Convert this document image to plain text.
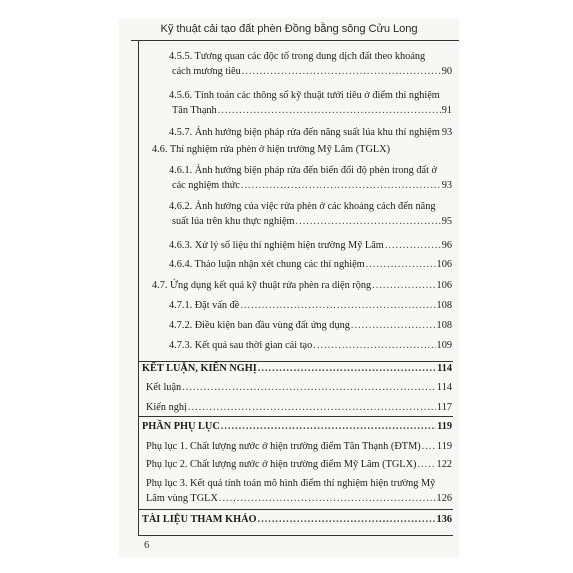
Kỹ thuật cải tạo đất phèn Đồng bằng sông Cửu Long
4.5.5. Tương quan các độc tố trong dung dịch đất theo khoảng
cách mương tiêu .....	90
4.5.6. Tính toán các thông số kỹ thuật tưới tiêu ở điểm thí nghiệm
Tân Thạnh .....	91
4.5.7. Ảnh hưởng biện pháp rửa đến năng suất lúa khu thí nghiệm 93
4.6. Thí nghiệm rửa phèn ở hiện trường Mỹ Lâm (TGLX)
4.6.1. Ảnh hưởng biện pháp rửa đến biến đổi độ phèn trong đất ở
các nghiệm thức .....	93
4.6.2. Ảnh hưởng của việc rửa phèn ở các khoảng cách đến năng
suất lúa trên khu thực nghiệm .....	95
4.6.3. Xử lý số liệu thí nghiệm hiện trường Mỹ Lâm .....	96
4.6.4. Thảo luận nhận xét chung các thí nghiệm .....	106
4.7. Ứng dụng kết quả kỹ thuật rửa phèn ra diện rộng .....	106
4.7.1. Đặt vấn đề .....	108
4.7.2. Điều kiện ban đầu vùng đất ứng dụng .....	108
4.7.3. Kết quả sau thời gian cải tạo .....	109
KẾT LUẬN, KIẾN NGHỊ .....	114
Kết luận .....	114
Kiến nghị .....	117
PHẦN PHỤ LỤC .....	119
Phụ lục 1. Chất lượng nước ở hiện trường điểm Tân Thạnh (ĐTM) ..... 119
Phụ lục 2. Chất lượng nước ở hiện trường điểm Mỹ Lâm (TGLX) ..... 122
Phụ lục 3. Kết quả tính toán mô hình điểm thí nghiệm hiện trường Mỹ
Lâm vùng TGLX .....	126
TÀI LIỆU THAM KHẢO .....	136
6
